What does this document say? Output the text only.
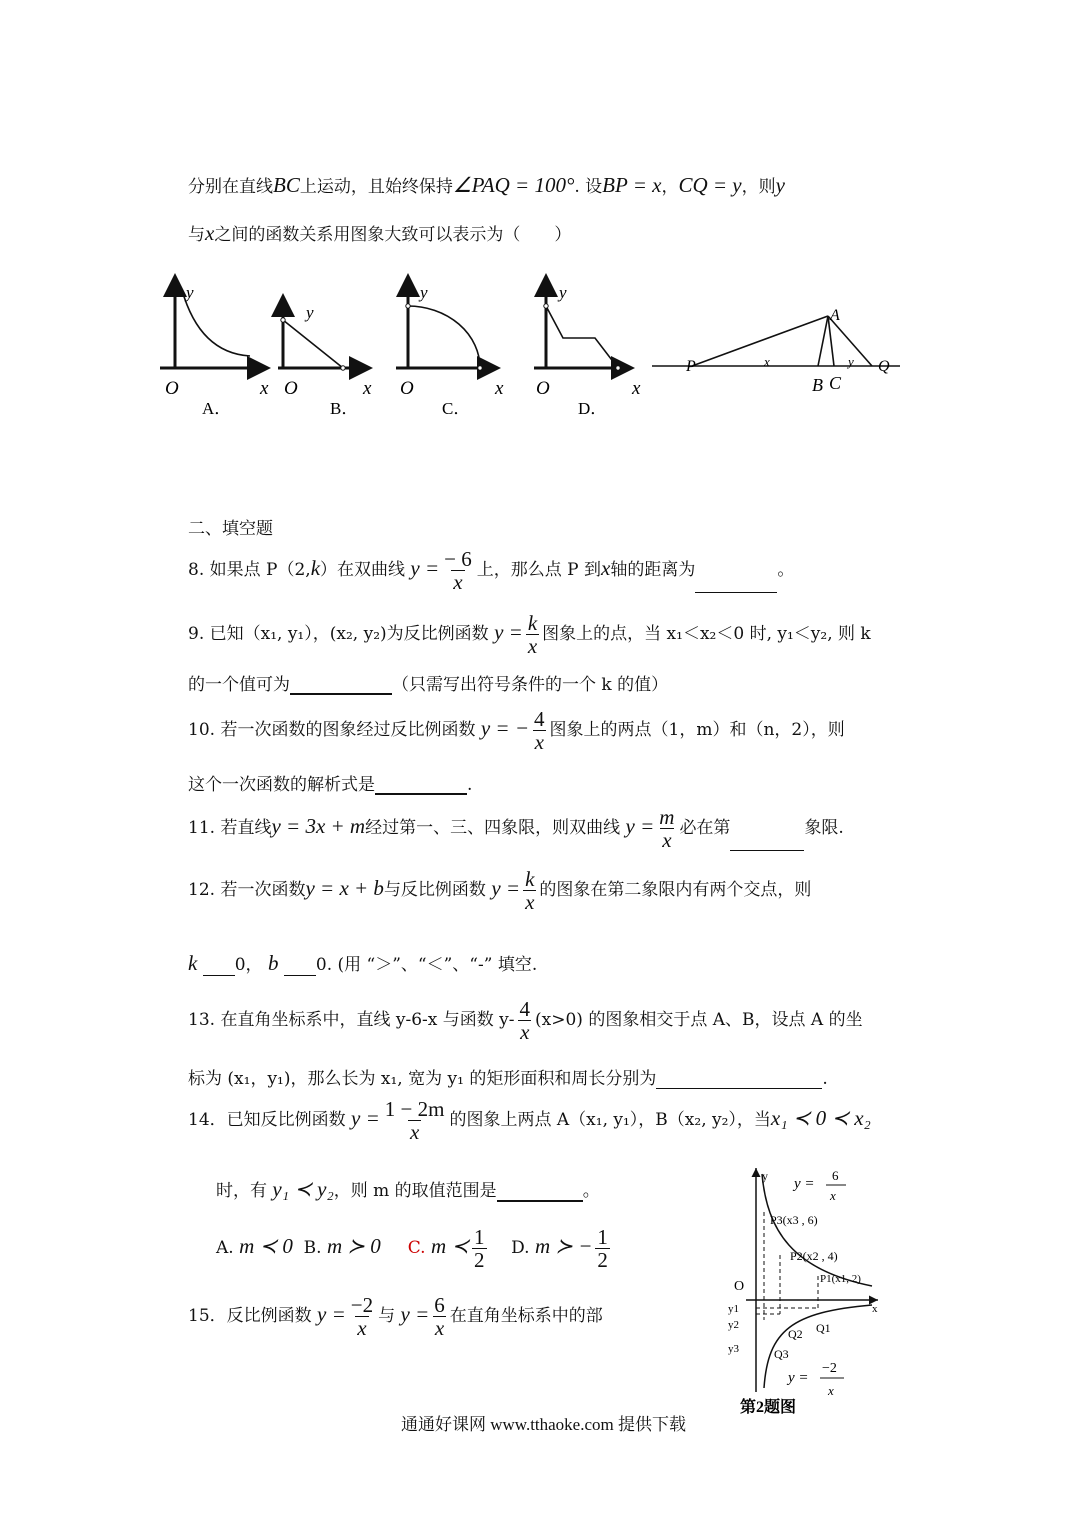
分别在直线BC上运动，且始终保持∠PAQ = 100°. 设BP = x，CQ = y，则y
与x之间的函数关系用图象大致可以表示为（　　）
y
O	x
A．
y
O	x
B．
y
O	x
C．
y
O	x
D．
P
A
B C
Q
x	y
二、填空题
8. 如果点 P（2,k）在双曲线 $y = \frac{- 6}{x}$ 上，那么点 P 到x轴的距离为	。
9. 已知（x₁, y₁），(x₂, y₂)为反比例函数 $y = \frac{k}{x}$ 图象上的点，当 x₁＜x₂＜0 时, y₁＜y₂, 则 k
的一个值可为	（只需写出符号条件的一个 k 的值）
10. 若一次函数的图象经过反比例函数 y = − $\frac{4}{x}$ 图象上的两点（1，m）和（n，2），则
这个一次函数的解析式是	.
11. 若直线y = 3x + m经过第一、三、四象限，则双曲线 $y = \frac{m}{x}$ 必在第	象限.
12. 若一次函数y = x + b与反比例函数 $y = \frac{k}{x}$ 的图象在第二象限内有两个交点，则
k 0， b 0. (用 “＞”、“＜”、“-” 填空.
13. 在直角坐标系中，直线 y-6-x 与函数 $y- \frac{4}{x} (x>0)$ 的图象相交于点 A、B，设点 A 的坐
标为 (x₁，y₁)，那么长为 x₁, 宽为 y₁ 的矩形面积和周长分别为	.
14．已知反比例函数 $y = \frac{1 - 2m}{x}$ 的图象上两点 A（x₁, y₁），B（x₂, y₂），当x₁ ≺ 0 ≺ x₂
时，有 y₁ ≺ y₂，则 m 的取值范围是	。
A. m ≺ 0 B. m ≻ 0 C. m ≺ $\frac{1}{2} D$. m ≻ − $\frac{1}{2}$
15．反比例函数 $y = \frac{-2}{x}$ 与 $y = \frac{6}{x}$ 在直角坐标系中的部
y
x
O
P3(x3 , 6)
P2(x2 , 4)
P1(x1, 2)
y1
y2
y3
Q1
Q2
Q3
y =
6
x
y =
−2
x
第2题图
通通好课网 www.tthaoke.com 提供下载
